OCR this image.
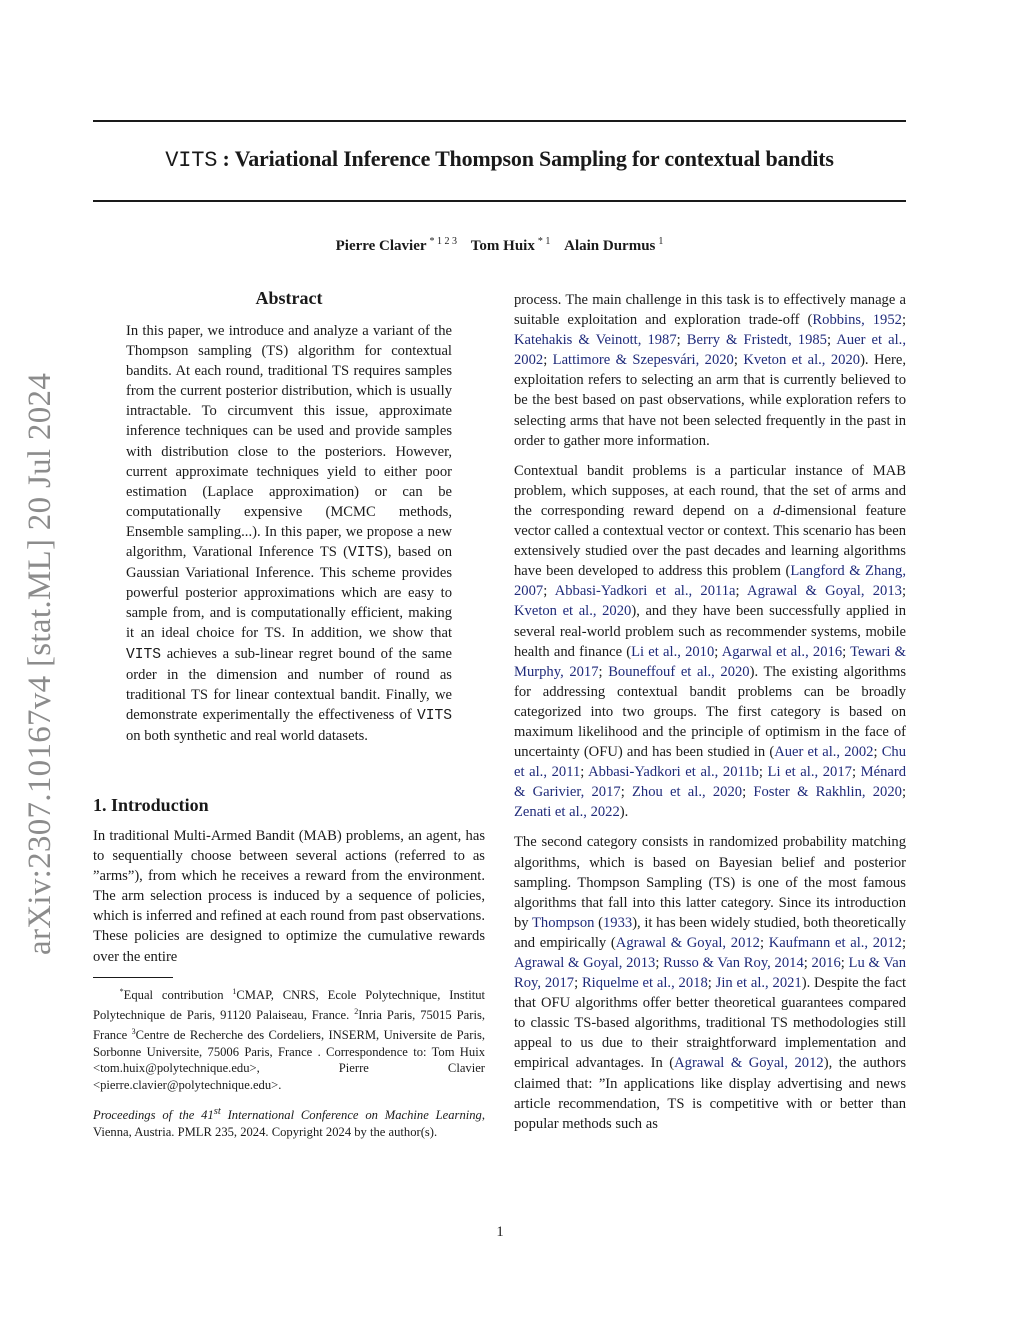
VITS : Variational Inference Thompson Sampling for contextual bandits
Pierre Clavier $^{* 1 2 3}$ Tom Huix $^{* 1}$ Alain Durmus $^1$
arXiv:2307.10167v4 [stat.ML] 20 Jul 2024
Abstract
In this paper, we introduce and analyze a variant of the Thompson sampling (TS) algorithm for contextual bandits. At each round, traditional TS requires samples from the current posterior distribution, which is usually intractable. To circumvent this issue, approximate inference techniques can be used and provide samples with distribution close to the posteriors. However, current approximate techniques yield to either poor estimation (Laplace approximation) or can be computationally expensive (MCMC methods, Ensemble sampling...). In this paper, we propose a new algorithm, Varational Inference TS (VITS), based on Gaussian Variational Inference. This scheme provides powerful posterior approximations which are easy to sample from, and is computationally efficient, making it an ideal choice for TS. In addition, we show that VITS achieves a sub-linear regret bound of the same order in the dimension and number of round as traditional TS for linear contextual bandit. Finally, we demonstrate experimentally the effectiveness of VITS on both synthetic and real world datasets.
1. Introduction

In traditional Multi-Armed Bandit (MAB) problems, an agent, has to sequentially choose between several actions (referred to as ”arms”), from which he receives a reward from the environment. The arm selection process is induced by a sequence of policies, which is inferred and refined at each round from past observations. These policies are designed to optimize the cumulative rewards over the entire

*Equal contribution $^1$CMAP, CNRS, Ecole Polytechnique, Institut Polytechnique de Paris, 91120 Palaiseau, France. $^2$Inria Paris, 75015 Paris, France $^3$Centre de Recherche des Cordeliers, INSERM, Universite de Paris, Sorbonne Universite, 75006 Paris, France . Correspondence to: Tom Huix <tom.huix@polytechnique.edu>, Pierre Clavier <pierre.clavier@polytechnique.edu>.

Proceedings of the 41st International Conference on Machine Learning, Vienna, Austria. PMLR 235, 2024. Copyright 2024 by the author(s).

process. The main challenge in this task is to effectively manage a suitable exploitation and exploration trade-off (Robbins, 1952; Katehakis & Veinott, 1987; Berry & Fristedt, 1985; Auer et al., 2002; Lattimore & Szepesvári, 2020; Kveton et al., 2020). Here, exploitation refers to selecting an arm that is currently believed to be the best based on past observations, while exploration refers to selecting arms that have not been selected frequently in the past in order to gather more information.

Contextual bandit problems is a particular instance of MAB problem, which supposes, at each round, that the set of arms and the corresponding reward depend on a d-dimensional feature vector called a contextual vector or context. This scenario has been extensively studied over the past decades and learning algorithms have been developed to address this problem (Langford & Zhang, 2007; Abbasi-Yadkori et al., 2011a; Agrawal & Goyal, 2013; Kveton et al., 2020), and they have been successfully applied in several real-world problem such as recommender systems, mobile health and finance (Li et al., 2010; Agarwal et al., 2016; Tewari & Murphy, 2017; Bouneffouf et al., 2020). The existing algorithms for addressing contextual bandit problems can be broadly categorized into two groups. The first category is based on maximum likelihood and the principle of optimism in the face of uncertainty (OFU) and has been studied in (Auer et al., 2002; Chu et al., 2011; Abbasi-Yadkori et al., 2011b; Li et al., 2017; Ménard & Garivier, 2017; Zhou et al., 2020; Foster & Rakhlin, 2020; Zenati et al., 2022).

The second category consists in randomized probability matching algorithms, which is based on Bayesian belief and posterior sampling. Thompson Sampling (TS) is one of the most famous algorithms that fall into this latter category. Since its introduction by Thompson (1933), it has been widely studied, both theoretically and empirically (Agrawal & Goyal, 2012; Kaufmann et al., 2012; Agrawal & Goyal, 2013; Russo & Van Roy, 2014; 2016; Lu & Van Roy, 2017; Riquelme et al., 2018; Jin et al., 2021). Despite the fact that OFU algorithms offer better theoretical guarantees compared to classic TS-based algorithms, traditional TS methodologies still appeal to us due to their straightforward implementation and empirical advantages. In (Agrawal & Goyal, 2012), the authors claimed that: ”In applications like display advertising and news article recommendation, TS is competitive with or better than popular methods such as

1
